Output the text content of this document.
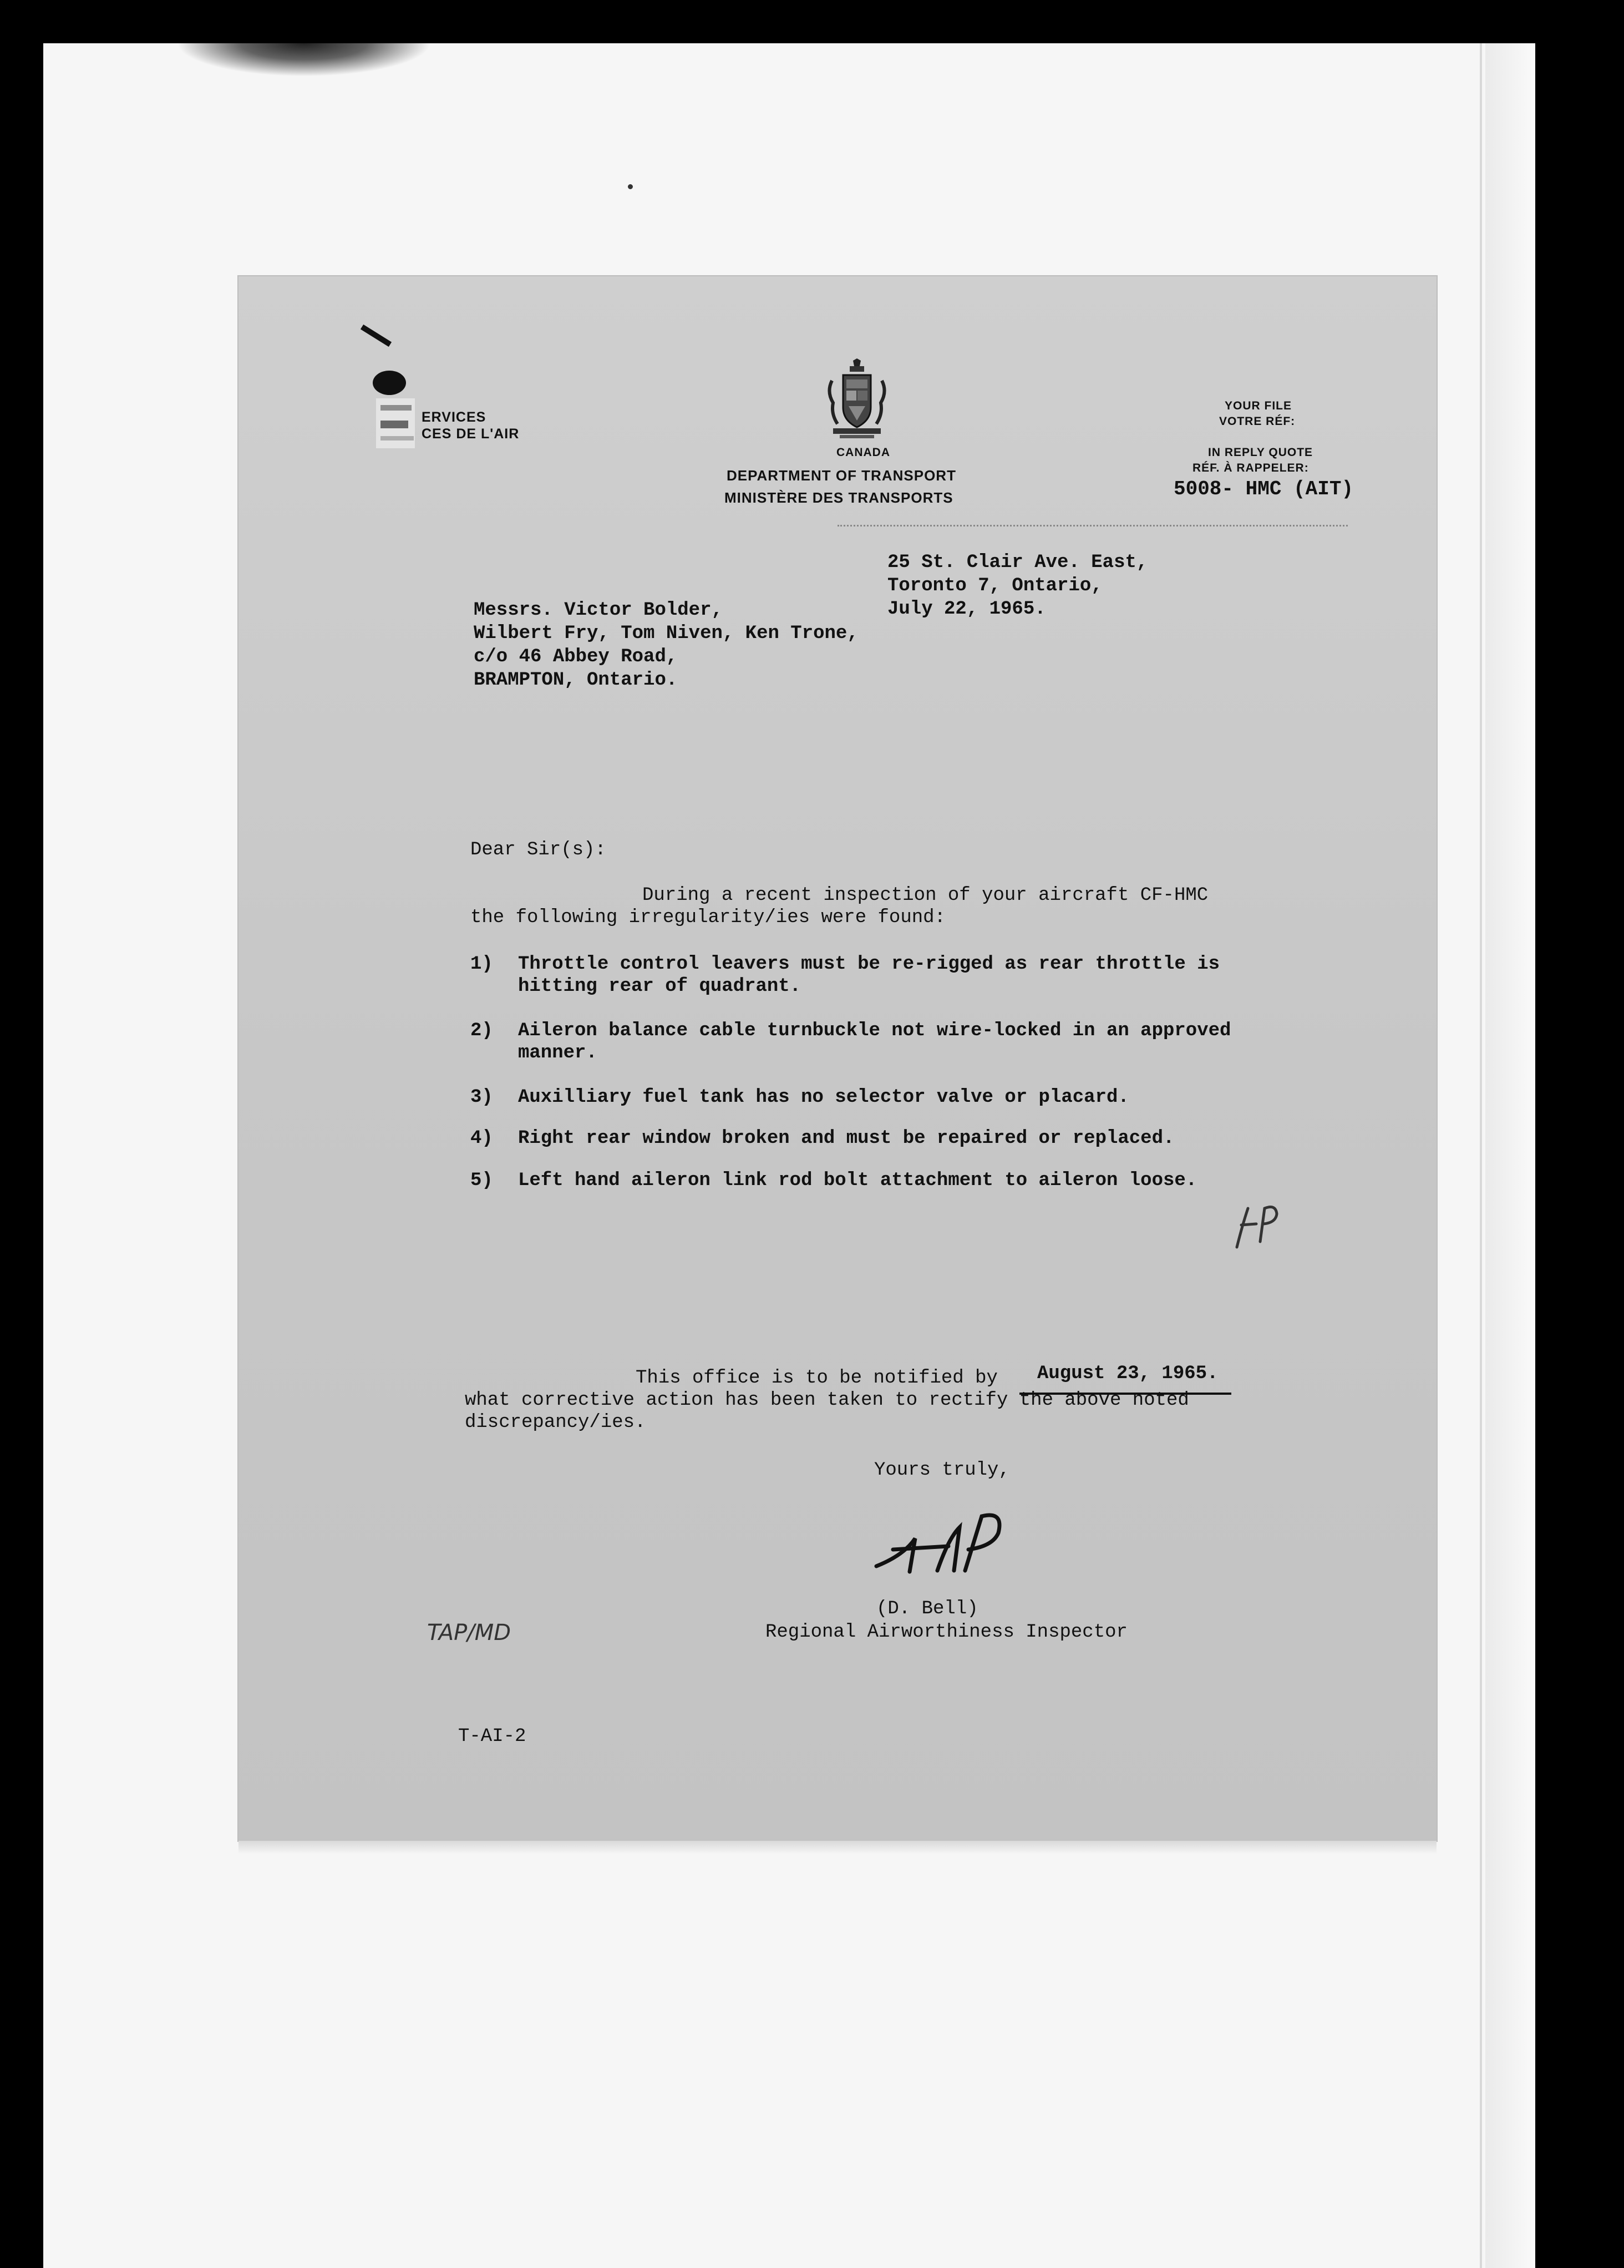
ERVICES
CES DE L'AIR
CANADA
DEPARTMENT OF TRANSPORT
MINISTÈRE DES TRANSPORTS
YOUR FILE
VOTRE RÉF:
IN REPLY QUOTE
RÉF. À RAPPELER:
5008- HMC (AIT)
25 St. Clair Ave. East,
Toronto 7, Ontario,
July 22, 1965.
Messrs. Victor Bolder,
Wilbert Fry, Tom Niven, Ken Trone,
c/o 46 Abbey Road,
BRAMPTON, Ontario.
Dear Sir(s):
During a recent inspection of your aircraft CF-HMC
the following irregularity/ies were found:
1) Throttle control leavers must be re-rigged as rear throttle is
hitting rear of quadrant.
2) Aileron balance cable turnbuckle not wire-locked in an approved
manner.
3) Auxilliary fuel tank has no selector valve or placard.
4) Right rear window broken and must be repaired or replaced.
5) Left hand aileron link rod bolt attachment to aileron loose.
This office is to be notified by August 23, 1965.
what corrective action has been taken to rectify the above noted
discrepancy/ies.
Yours truly,
(D. Bell)
Regional Airworthiness Inspector
TAP/MD
T-AI-2
